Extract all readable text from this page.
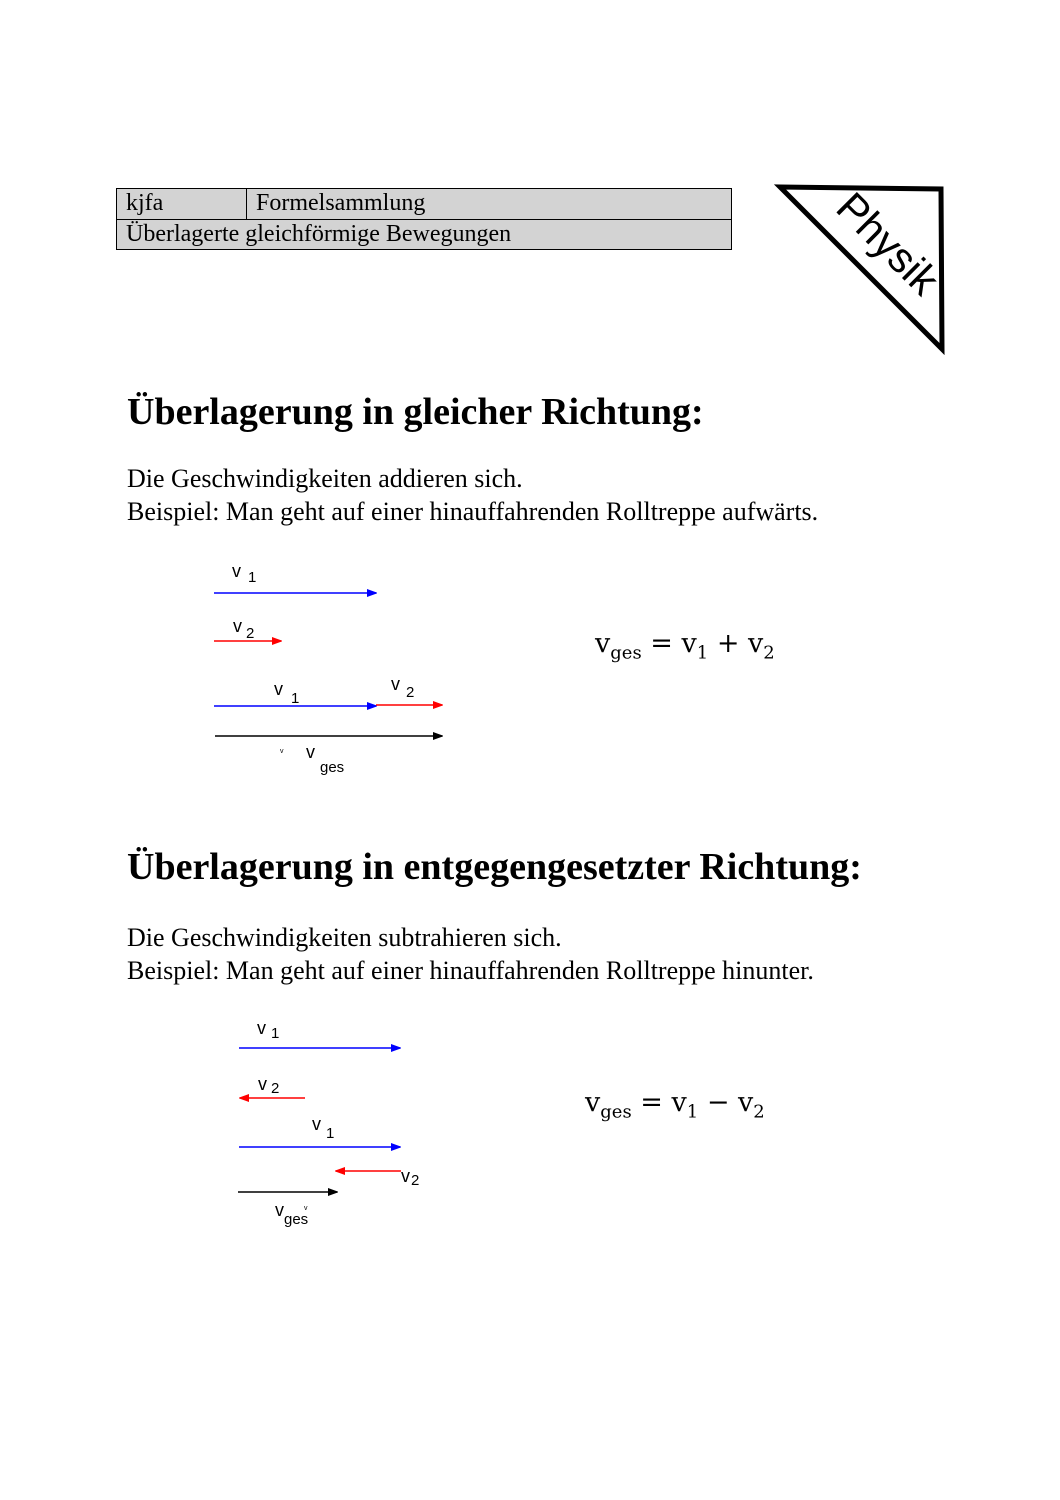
kjfa	Formelsammlung
Überlagerte gleichförmige Bewegungen	Physik
Überlagerung in gleicher Richtung:
Die Geschwindigkeiten addieren sich.
Beispiel: Man geht auf einer hinauffahrenden Rolltreppe aufwärts.
v 1
v 2
v 1
v 2
v v
ges
$v_{ges} = v_1 + v_2$
Überlagerung in entgegengesetzter Richtung:
Die Geschwindigkeiten subtrahieren sich.
Beispiel: Man geht auf einer hinauffahrenden Rolltreppe hinunter.
v 1
v 2
v 1
v 2
v ges
v
$v_{ges} = v_1 - v_2$
